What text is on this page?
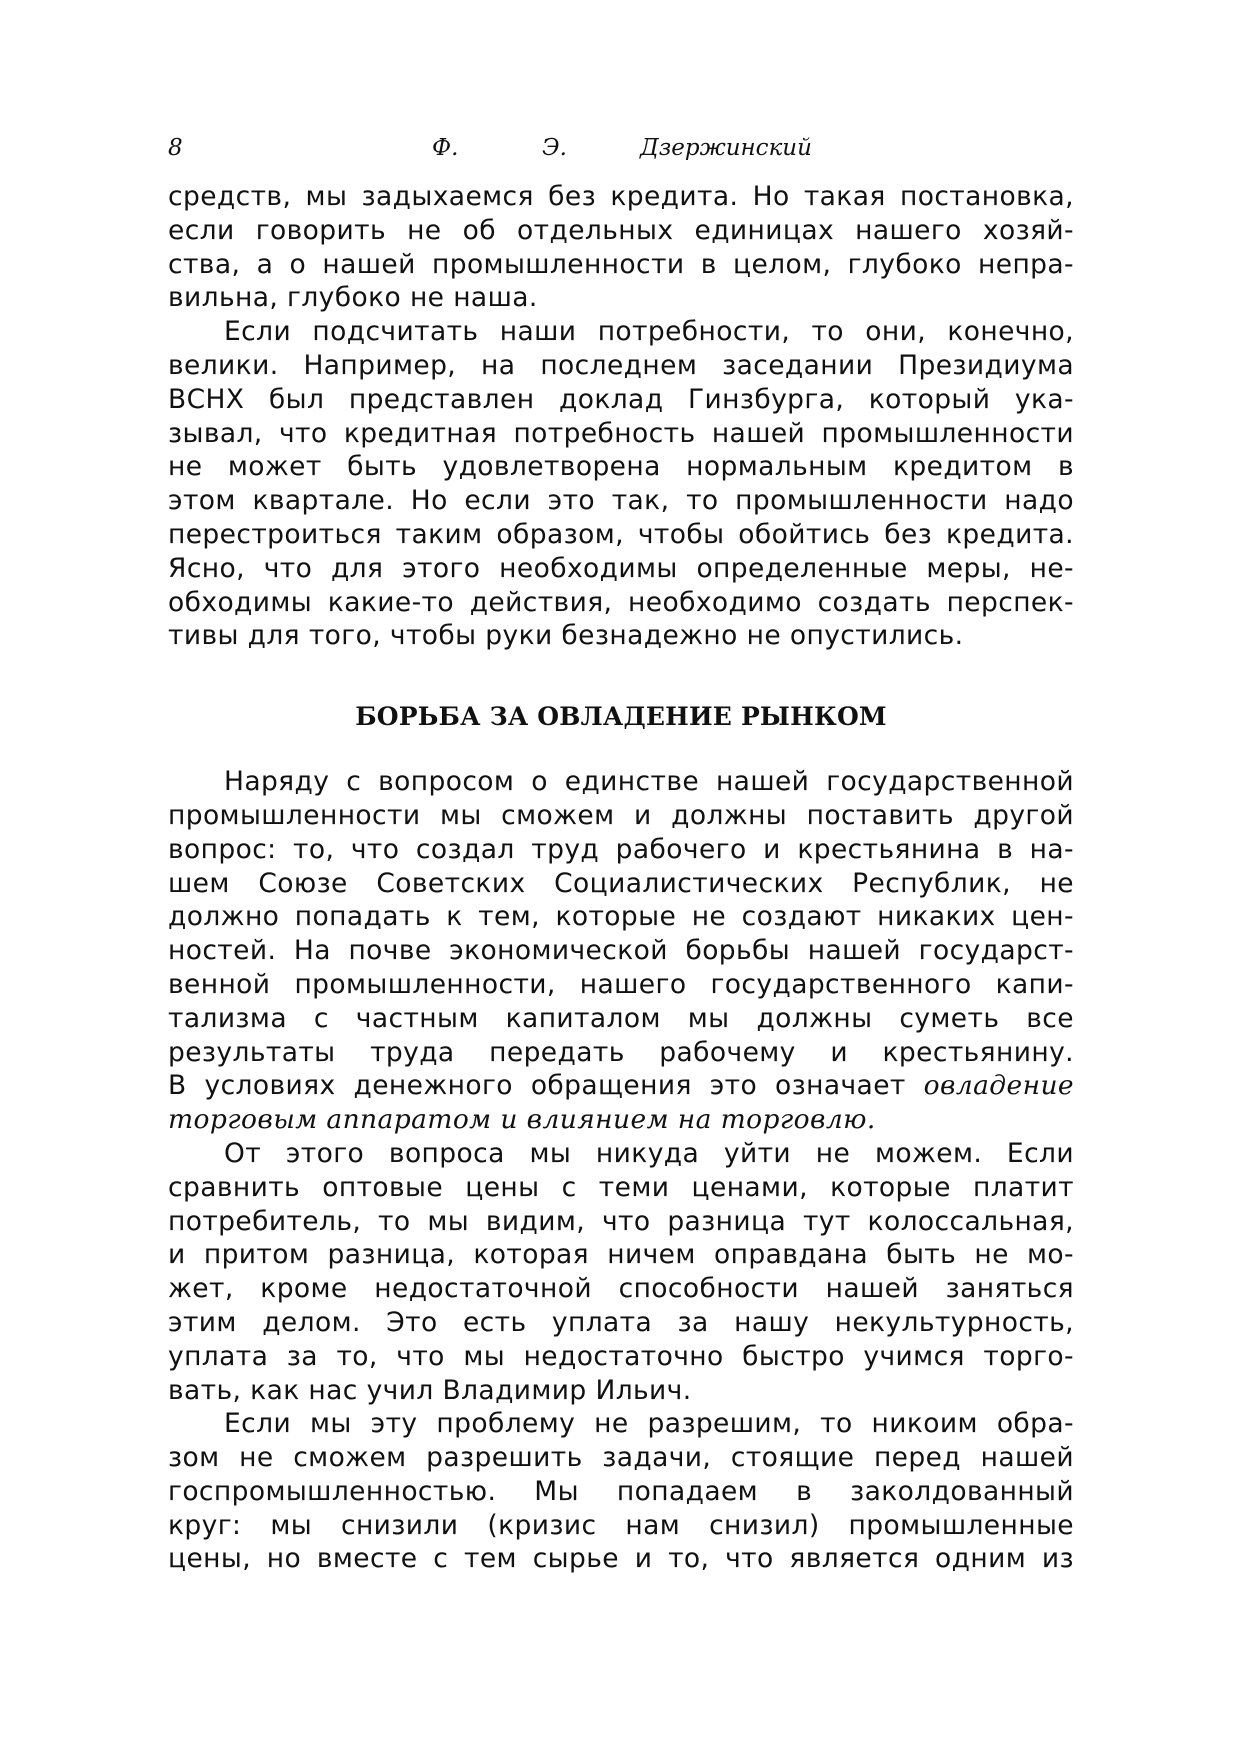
8	Ф.	Э.	Дзержинский

средств, мы задыхаемся без кредита. Но такая постановка,
если говорить не об отдельных единицах нашего хозяй-
ства, а о нашей промышленности в целом, глубоко непра-
вильна, глубоко не наша.

Если подсчитать наши потребности, то они, конечно,
велики. Например, на последнем заседании Президиума
ВСНХ был представлен доклад Гинзбурга, который ука-
зывал, что кредитная потребность нашей промышленности
не может быть удовлетворена нормальным кредитом в
этом квартале. Но если это так, то промышленности надо
перестроиться таким образом, чтобы обойтись без кредита.
Ясно, что для этого необходимы определенные меры, не-
обходимы какие-то действия, необходимо создать перспек-
тивы для того, чтобы руки безнадежно не опустились.

БОРЬБА ЗА ОВЛАДЕНИЕ РЫНКОМ

Наряду с вопросом о единстве нашей государственной
промышленности мы сможем и должны поставить другой
вопрос: то, что создал труд рабочего и крестьянина в на-
шем Союзе Советских Социалистических Республик, не
должно попадать к тем, которые не создают никаких цен-
ностей. На почве экономической борьбы нашей государст-
венной промышленности, нашего государственного капи-
тализма с частным капиталом мы должны суметь все
результаты труда передать рабочему и крестьянину.
В условиях денежного обращения это означает овладение
торговым аппаратом и влиянием на торговлю.

От этого вопроса мы никуда уйти не можем. Если
сравнить оптовые цены с теми ценами, которые платит
потребитель, то мы видим, что разница тут колоссальная,
и притом разница, которая ничем оправдана быть не мо-
жет, кроме недостаточной способности нашей заняться
этим делом. Это есть уплата за нашу некультурность,
уплата за то, что мы недостаточно быстро учимся торго-
вать, как нас учил Владимир Ильич.

Если мы эту проблему не разрешим, то никоим обра-
зом не сможем разрешить задачи, стоящие перед нашей
госпромышленностью. Мы попадаем в заколдованный
круг: мы снизили (кризис нам снизил) промышленные
цены, но вместе с тем сырье и то, что является одним из
